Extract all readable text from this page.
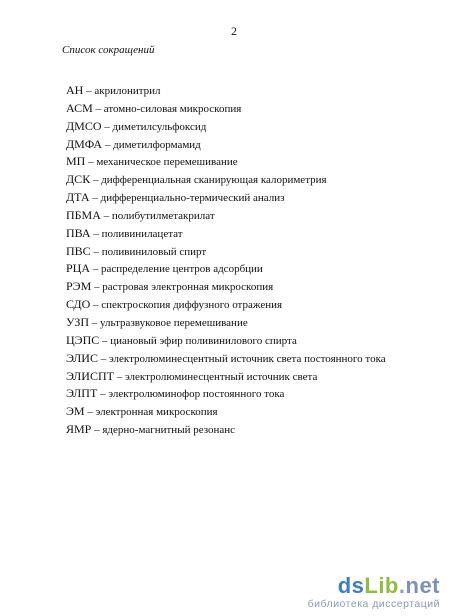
2
Список сокращений
АН – акрилонитрил
АСМ – атомно-силовая микроскопия
ДМСО – диметилсульфоксид
ДМФА – диметилформамид
МП – механическое перемешивание
ДСК – дифференциальная сканирующая калориметрия
ДТА – дифференциально-термический анализ
ПБМА – полибутилметакрилат
ПВА – поливинилацетат
ПВС – поливиниловый спирт
РЦА – распределение центров адсорбции
РЭМ – растровая электронная микроскопия
СДО – спектроскопия диффузного отражения
УЗП – ультразвуковое перемешивание
ЦЭПС – циановый эфир поливинилового спирта
ЭЛИС – электролюминесцентный источник света постоянного тока
ЭЛИСПТ – электролюминесцентный источник света
ЭЛПТ – электролюминофор постоянного тока
ЭМ – электронная микроскопия
ЯМР – ядерно-магнитный резонанс
dsLib.net
библиотека диссертаций
